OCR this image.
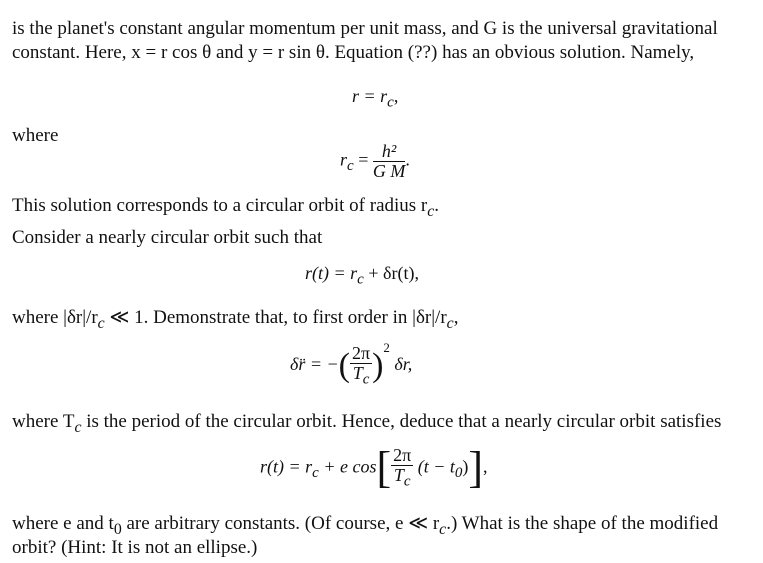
is the planet's constant angular momentum per unit mass, and G is the universal gravitational
constant. Here, x = r cos θ and y = r sin θ. Equation (??) has an obvious solution. Namely,
$r = r_c$,
where
$r_c = \frac{\text{h²}}{\text{G M}}$ .
This solution corresponds to a circular orbit of radius $r_c$.
Consider a nearly circular orbit such that
$r(t) = r_c + \delta r(t)$,
where $|\delta r|/r_c$ ≪ 1. Demonstrate that, to first order in $|\delta r|/r_c$,
δr̈ = −( $\frac{2\pi}{T_c} )^2$ δr,
where $T_c$ is the period of the circular orbit. Hence, deduce that a nearly circular orbit satisfies
$r(t) = r_c + e$ $\cos[ \frac{2\pi}{T_c} (t - t_0)]$,
where e and $t_0$ are arbitrary constants. (Of course, e ≪ $r_c$.) What is the shape of the modified
orbit? (Hint: It is not an ellipse.)
